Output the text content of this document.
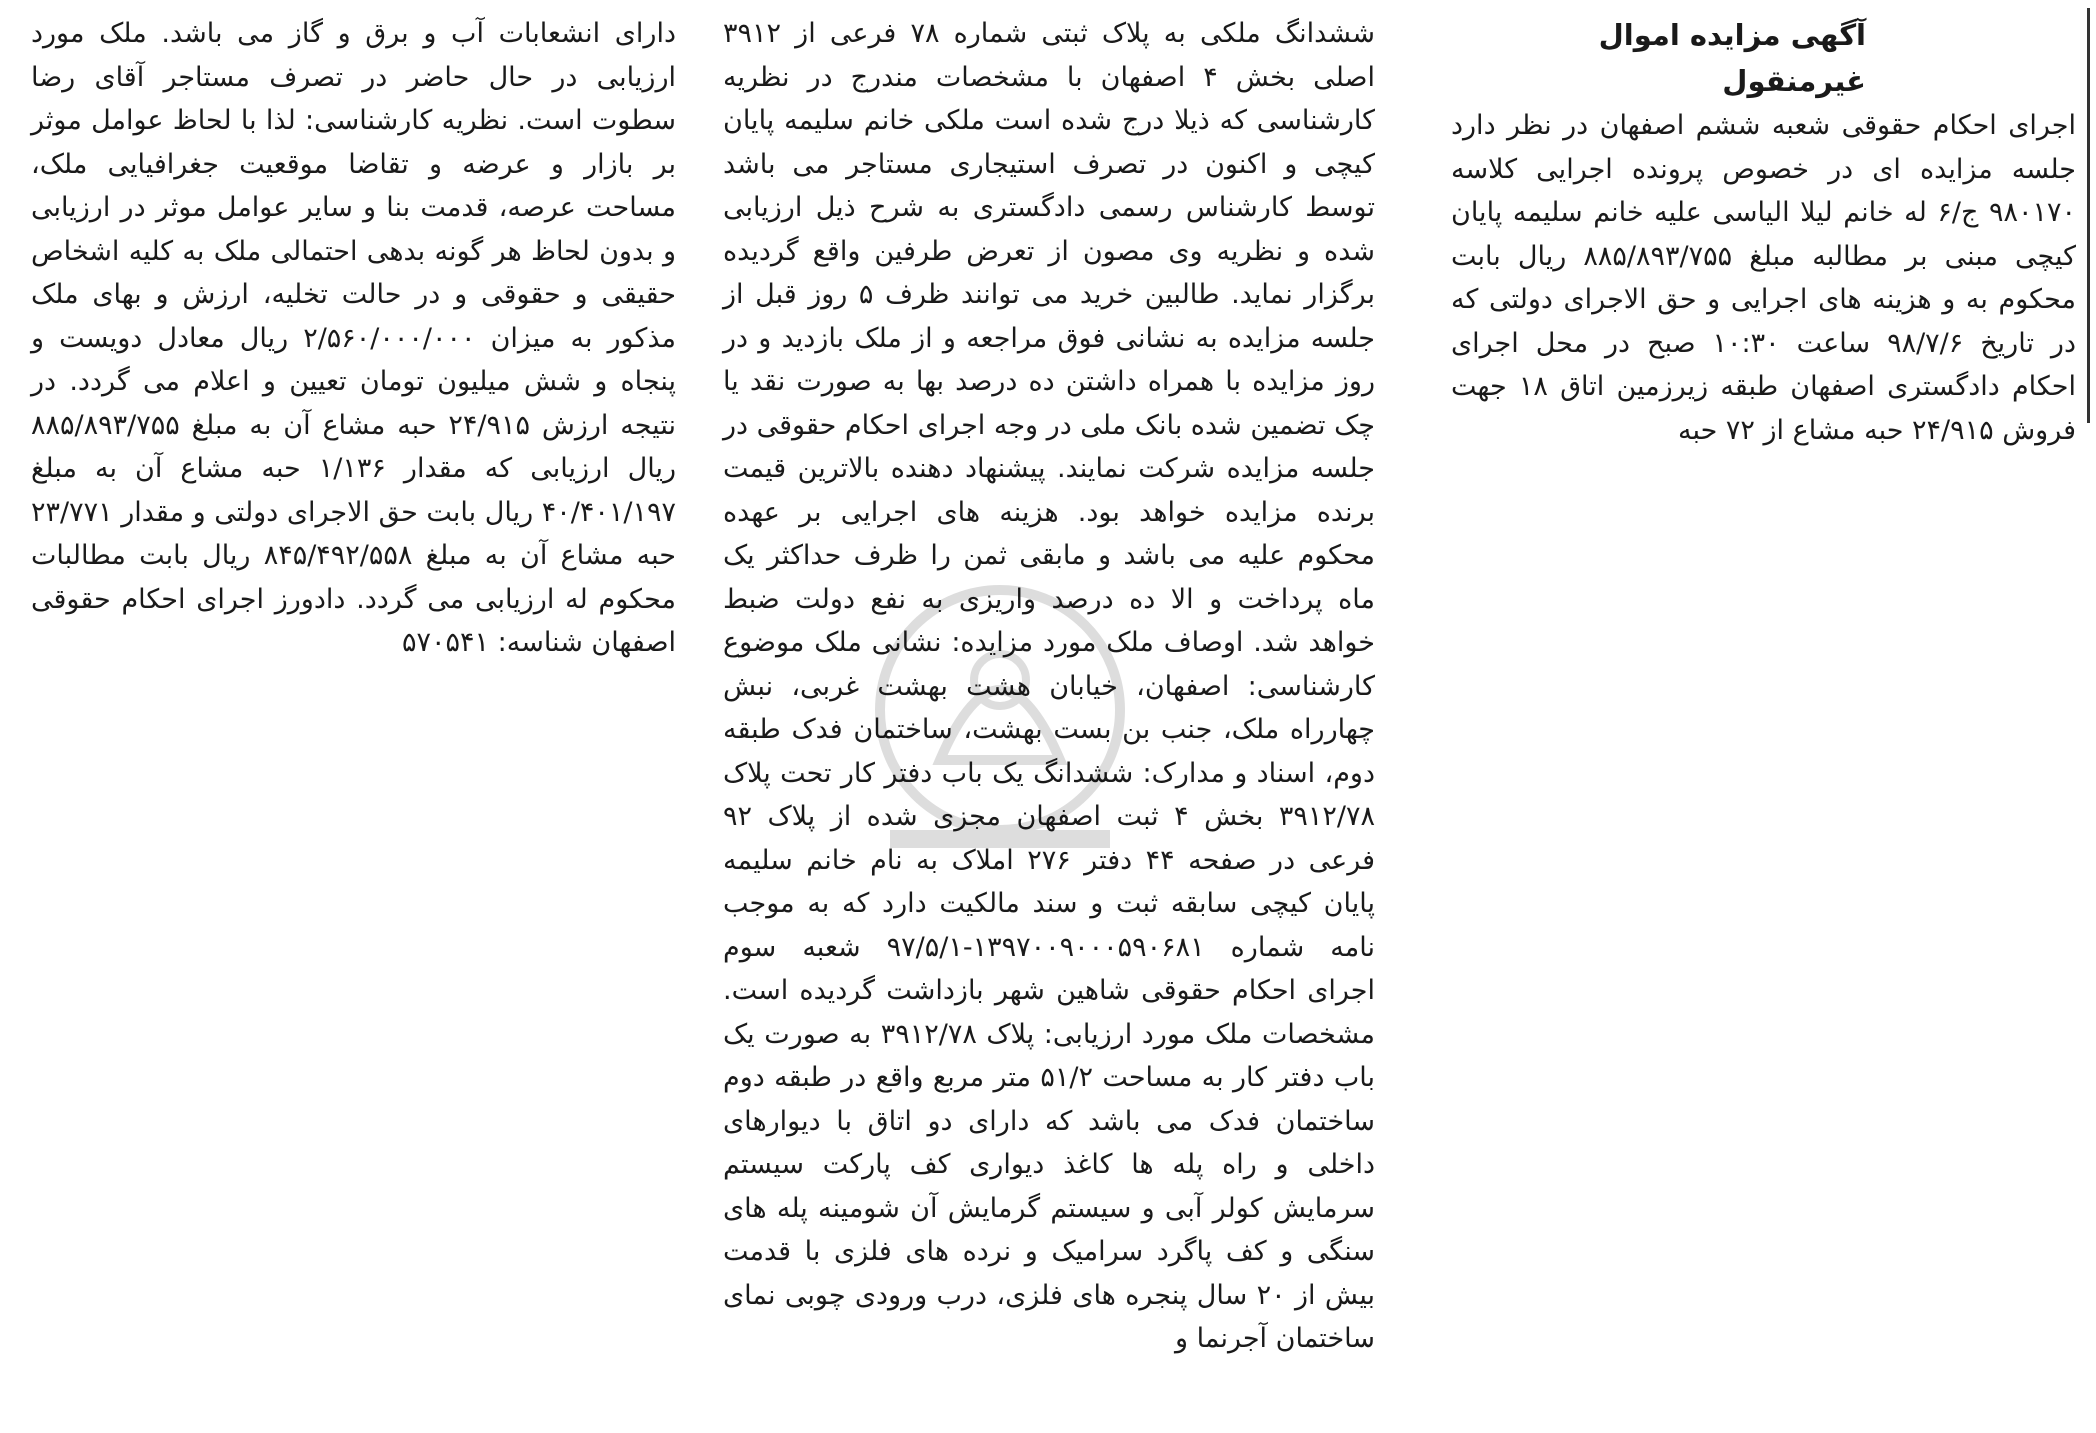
آگهی مزایده اموال غیرمنقول

اجرای احکام حقوقی شعبه ششم اصفهان در نظر دارد جلسه مزایده ای در خصوص پرونده اجرایی کلاسه ۹۸۰۱۷۰ ج/۶ له خانم لیلا الیاسی علیه خانم سلیمه پایان کیچی مبنی بر مطالبه مبلغ ۸۸۵/۸۹۳/۷۵۵ ریال بابت محکوم به و هزینه های اجرایی و حق الاجرای دولتی که در تاریخ ۹۸/۷/۶ ساعت ۱۰:۳۰ صبح در محل اجرای احکام دادگستری اصفهان طبقه زیرزمین اتاق ۱۸ جهت فروش ۲۴/۹۱۵ حبه مشاع از ۷۲ حبه

ششدانگ ملکی به پلاک ثبتی شماره ۷۸ فرعی از ۳۹۱۲ اصلی بخش ۴ اصفهان با مشخصات مندرج در نظریه کارشناسی که ذیلا درج شده است ملکی خانم سلیمه پایان کیچی و اکنون در تصرف استیجاری مستاجر می باشد توسط کارشناس رسمی دادگستری به شرح ذیل ارزیابی شده و نظریه وی مصون از تعرض طرفین واقع گردیده برگزار نماید. طالبین خرید می توانند ظرف ۵ روز قبل از جلسه مزایده به نشانی فوق مراجعه و از ملک بازدید و در روز مزایده با همراه داشتن ده درصد بها به صورت نقد یا چک تضمین شده بانک ملی در وجه اجرای احکام حقوقی در جلسه مزایده شرکت نمایند. پیشنهاد دهنده بالاترین قیمت برنده مزایده خواهد بود. هزینه های اجرایی بر عهده محکوم علیه می باشد و مابقی ثمن را ظرف حداکثر یک ماه پرداخت و الا ده درصد واریزی به نفع دولت ضبط خواهد شد. اوصاف ملک مورد مزایده: نشانی ملک موضوع کارشناسی: اصفهان، خیابان هشت بهشت غربی، نبش چهارراه ملک، جنب بن بست بهشت، ساختمان فدک طبقه دوم، اسناد و مدارک: ششدانگ یک باب دفتر کار تحت پلاک ۳۹۱۲/۷۸ بخش ۴ ثبت اصفهان مجزی شده از پلاک ۹۲ فرعی در صفحه ۴۴ دفتر ۲۷۶ املاک به نام خانم سلیمه پایان کیچی سابقه ثبت و سند مالکیت دارد که به موجب نامه شماره ۱۳۹۷۰۰۹۰۰۰۵۹۰۶۸۱-۹۷/۵/۱ شعبه سوم اجرای احکام حقوقی شاهین شهر بازداشت گردیده است. مشخصات ملک مورد ارزیابی: پلاک ۳۹۱۲/۷۸ به صورت یک باب دفتر کار به مساحت ۵۱/۲ متر مربع واقع در طبقه دوم ساختمان فدک می باشد که دارای دو اتاق با دیوارهای داخلی و راه پله ها کاغذ دیواری کف پارکت سیستم سرمایش کولر آبی و سیستم گرمایش آن شومینه پله های سنگی و کف پاگرد سرامیک و نرده های فلزی با قدمت بیش از ۲۰ سال پنجره های فلزی، درب ورودی چوبی نمای ساختمان آجرنما و

دارای انشعابات آب و برق و گاز می باشد. ملک مورد ارزیابی در حال حاضر در تصرف مستاجر آقای رضا سطوت است. نظریه کارشناسی: لذا با لحاظ عوامل موثر بر بازار و عرضه و تقاضا موقعیت جغرافیایی ملک، مساحت عرصه، قدمت بنا و سایر عوامل موثر در ارزیابی و بدون لحاظ هر گونه بدهی احتمالی ملک به کلیه اشخاص حقیقی و حقوقی و در حالت تخلیه، ارزش و بهای ملک مذکور به میزان ۲/۵۶۰/۰۰۰/۰۰۰ ریال معادل دویست و پنجاه و شش میلیون تومان تعیین و اعلام می گردد. در نتیجه ارزش ۲۴/۹۱۵ حبه مشاع آن به مبلغ ۸۸۵/۸۹۳/۷۵۵ ریال ارزیابی که مقدار ۱/۱۳۶ حبه مشاع آن به مبلغ ۴۰/۴۰۱/۱۹۷ ریال بابت حق الاجرای دولتی و مقدار ۲۳/۷۷۱ حبه مشاع آن به مبلغ ۸۴۵/۴۹۲/۵۵۸ ریال بابت مطالبات محکوم له ارزیابی می گردد. دادورز اجرای احکام حقوقی اصفهان شناسه: ۵۷۰۵۴۱
